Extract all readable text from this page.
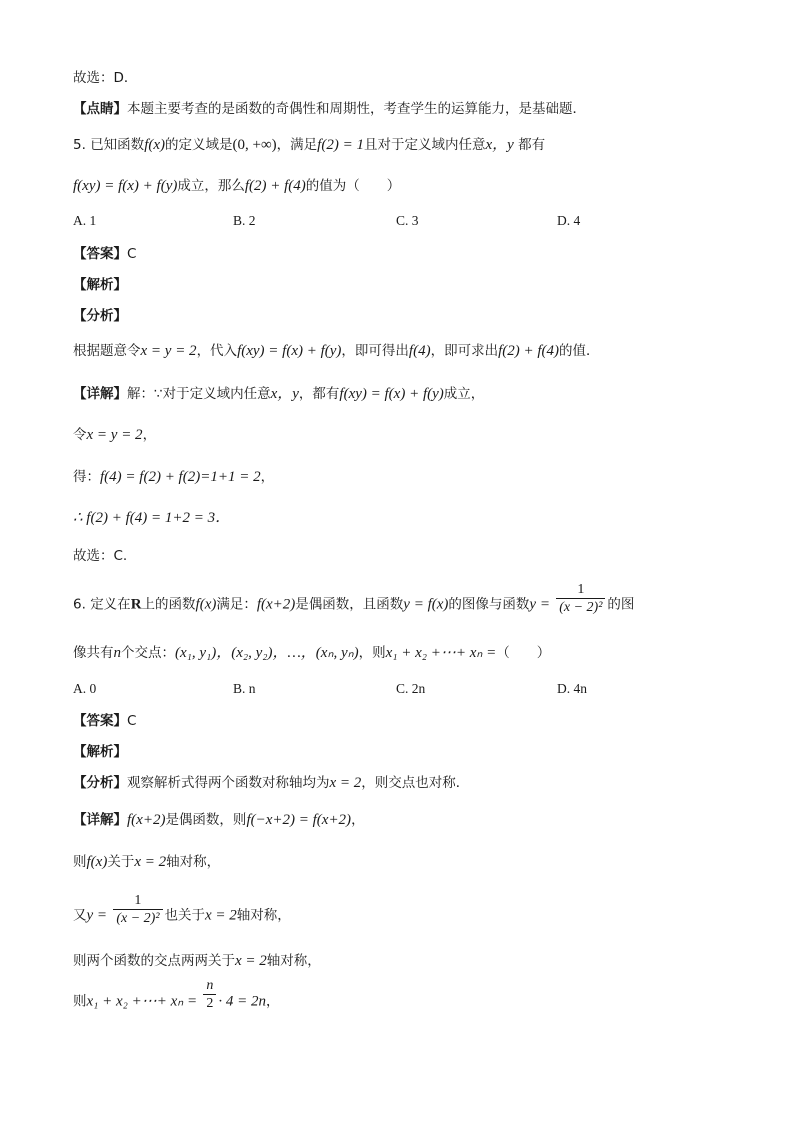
故选：D．
【点睛】本题主要考查的是函数的奇偶性和周期性，考查学生的运算能力，是基础题．
5. 已知函数f(x)的定义域是(0, +∞)，满足f(2) = 1且对于定义域内任意x，y 都有
f(xy) = f(x) + f(y)成立，那么f(2) + f(4)的值为（　　）
A. 1	B. 2	C. 3	D. 4
【答案】C
【解析】
【分析】
根据题意令x = y = 2，代入f(xy) = f(x) + f(y)，即可得出f(4)，即可求出f(2) + f(4)的值．
【详解】解：∵对于定义域内任意x，y，都有f(xy) = f(x) + f(y)成立，
令x = y = 2，
得：f(4) = f(2) + f(2)=1+1 = 2，
∴ f(2) + f(4) = 1+2 = 3．
故选：C.
6. 定义在R上的函数f(x)满足：f(x+2)是偶函数，且函数y = f(x)的图像与函数$y = \frac{1}{\text{(x − 2)²}}$ 的图
像共有n个交点：(x₁, y₁)，(x₂, y₂)，…，(xₙ, yₙ)，则x₁ + x₂ +⋯+ xₙ =（　　）
A. 0	B. n	C. 2n	D. 4n
【答案】C
【解析】
【分析】观察解析式得两个函数对称轴均为x = 2，则交点也对称．
【详解】f(x+2)是偶函数，则f(−x+2) = f(x+2)，
则f(x)关于x = 2轴对称，
又$y = \frac{1}{\text{(x − 2)²}}$ 也关于x = 2轴对称，
则两个函数的交点两两关于x = 2轴对称，
则x₁ + x₂ +⋯+ $x_n = \frac{n}{2} \cdot 4 = 2n$，
